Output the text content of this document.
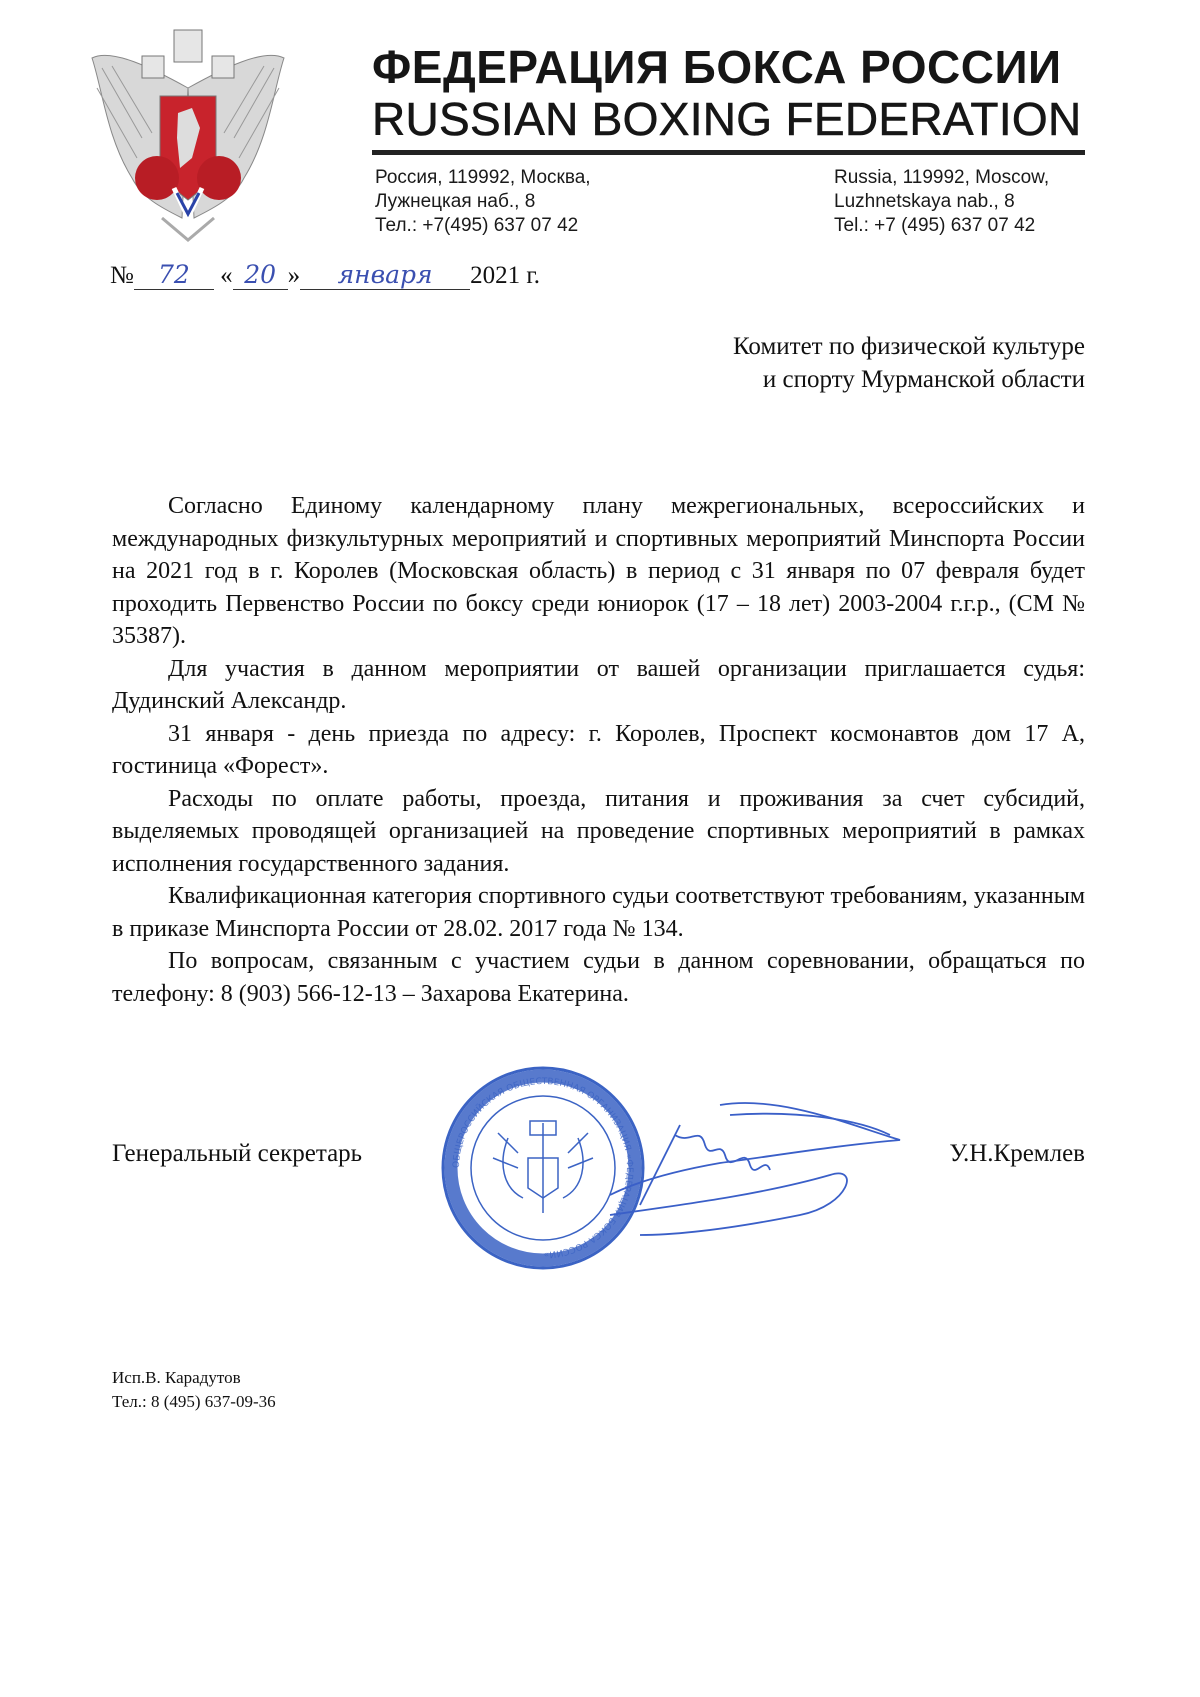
ФЕДЕРАЦИЯ БОКСА РОССИИ
RUSSIAN BOXING FEDERATION
Россия, 119992, Москва,
Лужнецкая наб., 8
Тел.: +7(495) 637 07 42
Russia, 119992, Moscow,
Luzhnetskaya nab., 8
Tel.: +7 (495) 637 07 42
№ 72 « 20 » января 2021 г.
Комитет по физической культуре
и спорту Мурманской области

Согласно Единому календарному плану межрегиональных, всероссийских и международных физкультурных мероприятий и спортивных мероприятий Минспорта России на 2021 год в г. Королев (Московская область) в период с 31 января по 07 февраля будет проходить Первенство России по боксу среди юниорок (17 – 18 лет) 2003-2004 г.г.р., (СМ № 35387).

Для участия в данном мероприятии от вашей организации приглашается судья: Дудинский Александр.

31 января - день приезда по адресу: г. Королев, Проспект космонавтов дом 17 А, гостиница «Форест».

Расходы по оплате работы, проезда, питания и проживания за счет субсидий, выделяемых проводящей организацией на проведение спортивных мероприятий в рамках исполнения государственного задания.

Квалификационная категория спортивного судьи соответствуют требованиям, указанным в приказе Минспорта России от 28.02. 2017 года № 134.

По вопросам, связанным с участием судьи в данном соревновании, обращаться по телефону: 8 (903) 566-12-13 – Захарова Екатерина.

Генеральный секретарь	У.Н.Кремлев
ОБЩЕРОССИЙСКАЯ ОБЩЕСТВЕННАЯ ОРГАНИЗАЦИЯ «ФЕДЕРАЦИЯ БОКСА РОССИИ»
Исп.В. Карадутов
Тел.: 8 (495) 637-09-36
